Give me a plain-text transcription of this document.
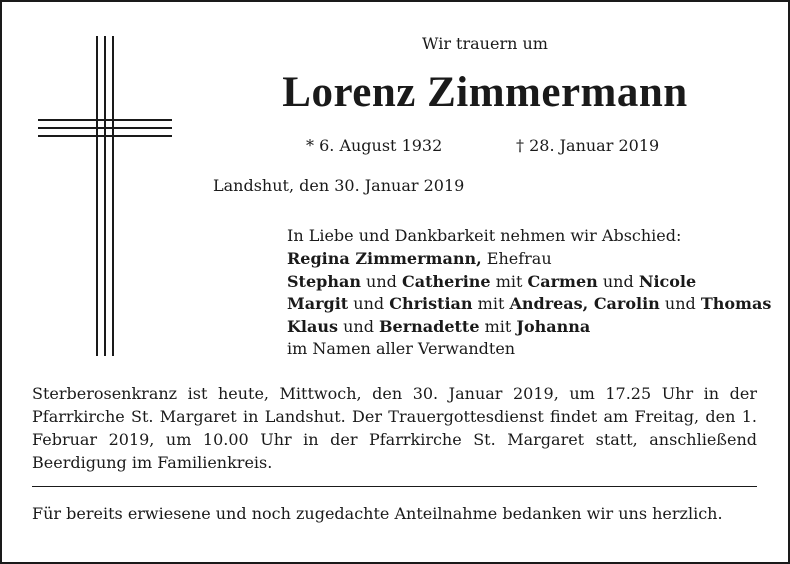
Wir trauern um
Lorenz Zimmermann
* 6. August 1932	† 28. Januar 2019
Landshut, den 30. Januar 2019
In Liebe und Dankbarkeit nehmen wir Abschied:
Regina Zimmermann, Ehefrau
Stephan und Catherine mit Carmen und Nicole
Margit und Christian mit Andreas, Carolin und Thomas
Klaus und Bernadette mit Johanna
im Namen aller Verwandten
Sterberosenkranz ist heute, Mittwoch, den 30. Januar 2019, um 17.25 Uhr in der Pfarrkirche St. Margaret in Landshut. Der Trauergottesdienst findet am Freitag, den 1. Februar 2019, um 10.00 Uhr in der Pfarrkirche St. Margaret statt, anschließend Beerdigung im Familienkreis.
Für bereits erwiesene und noch zugedachte Anteilnahme bedanken wir uns herzlich.
